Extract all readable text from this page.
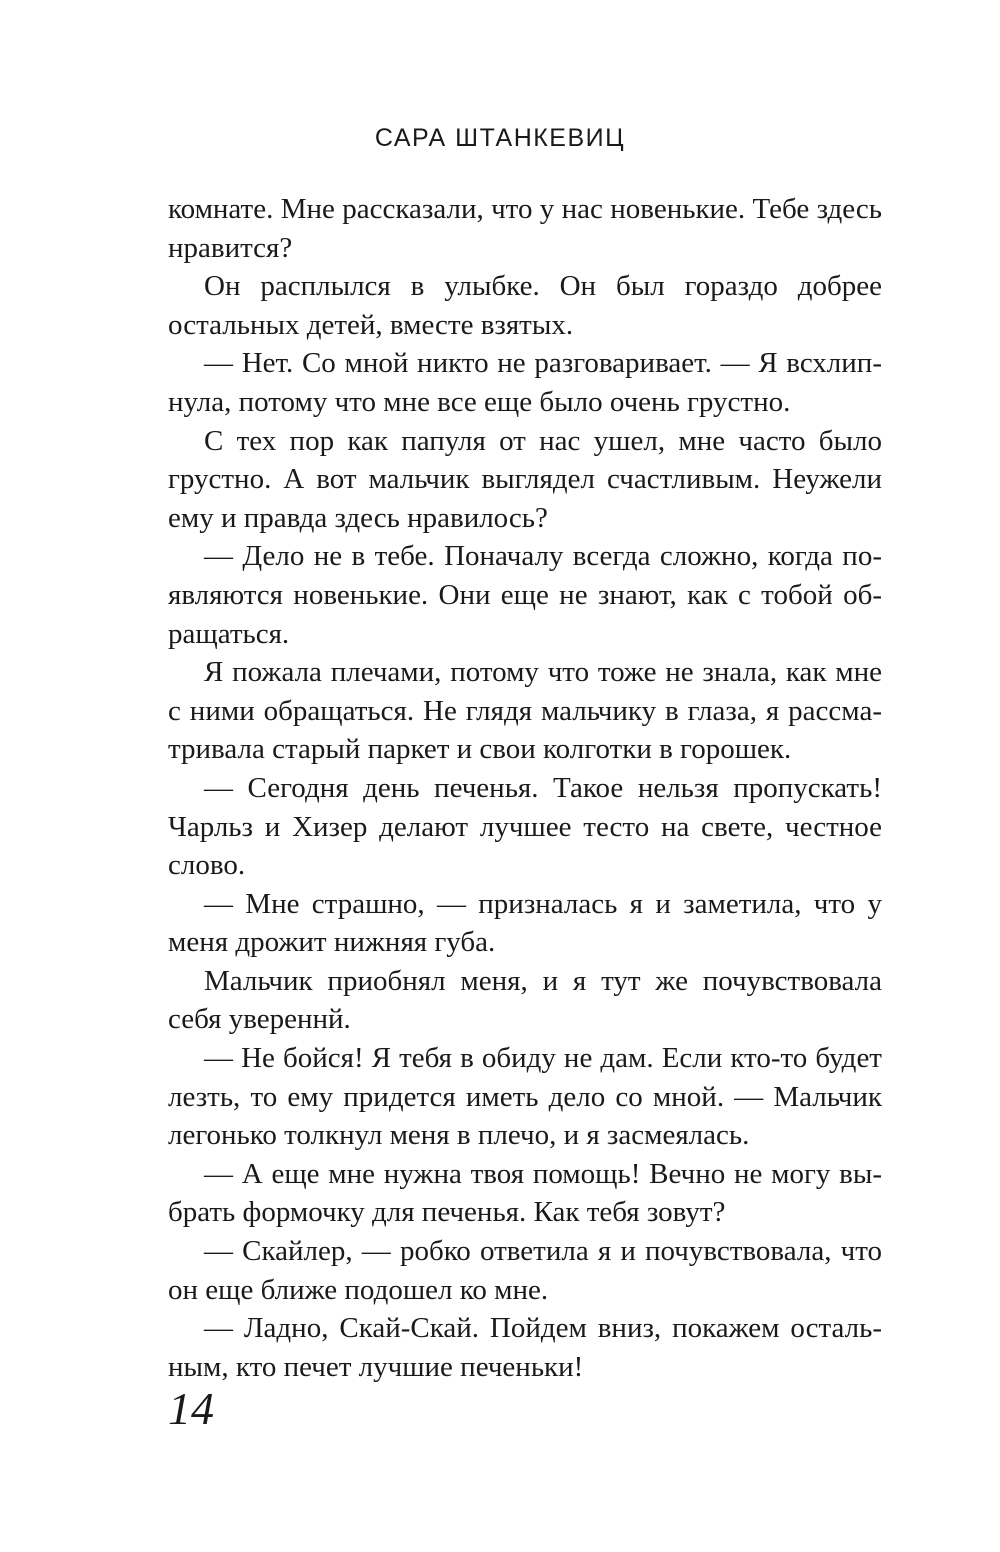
САРА ШТАНКЕВИЦ

комнате. Мне рассказали, что у нас новенькие. Тебе здесь нравится?

Он расплылся в улыбке. Он был гораздо добрее остальных детей, вместе взятых.

— Нет. Со мной никто не разговаривает. — Я всхлипнула, потому что мне все еще было очень грустно.

С тех пор как папуля от нас ушел, мне часто было грустно. А вот мальчик выглядел счастливым. Неужели ему и правда здесь нравилось?

— Дело не в тебе. Поначалу всегда сложно, когда появляются новенькие. Они еще не знают, как с тобой обращаться.

Я пожала плечами, потому что тоже не знала, как мне с ними обращаться. Не глядя мальчику в глаза, я рассматривала старый паркет и свои колготки в горошек.

— Сегодня день печенья. Такое нельзя пропускать! Чарльз и Хизер делают лучшее тесто на свете, честное слово.

— Мне страшно, — призналась я и заметила, что у меня дрожит нижняя губа.

Мальчик приобнял меня, и я тут же почувствовала себя увереннй.

— Не бойся! Я тебя в обиду не дам. Если кто-то будет лезть, то ему придется иметь дело со мной. — Мальчик легонько толкнул меня в плечо, и я засмеялась.

— А еще мне нужна твоя помощь! Вечно не могу выбрать формочку для печенья. Как тебя зовут?

— Скайлер, — робко ответила я и почувствовала, что он еще ближе подошел ко мне.

— Ладно, Скай-Скай. Пойдем вниз, покажем остальным, кто печет лучшие печеньки!

14
